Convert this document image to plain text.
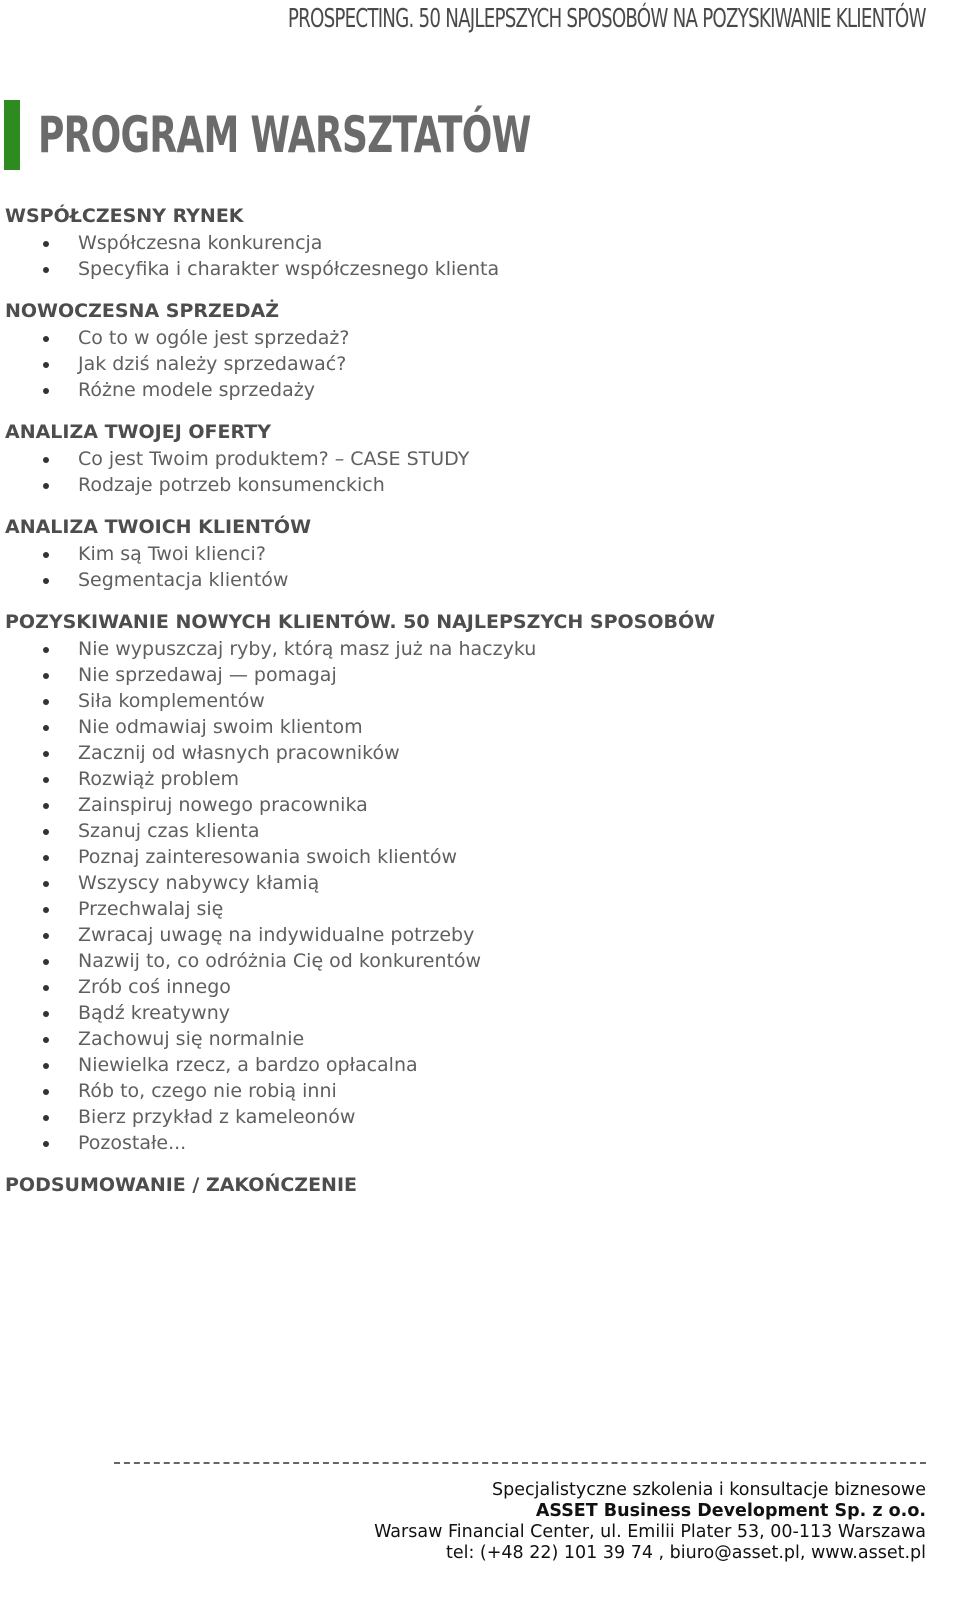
PROSPECTING. 50 NAJLEPSZYCH SPOSOBÓW NA POZYSKIWANIE KLIENTÓW
PROGRAM WARSZTATÓW
WSPÓŁCZESNY RYNEK
Współczesna konkurencja
Specyfika i charakter współczesnego klienta
NOWOCZESNA SPRZEDAŻ
Co to w ogóle jest sprzedaż?
Jak dziś należy sprzedawać?
Różne modele sprzedaży
ANALIZA TWOJEJ OFERTY
Co jest Twoim produktem? – CASE STUDY
Rodzaje potrzeb konsumenckich
ANALIZA TWOICH KLIENTÓW
Kim są Twoi klienci?
Segmentacja klientów
POZYSKIWANIE NOWYCH KLIENTÓW. 50 NAJLEPSZYCH SPOSOBÓW
Nie wypuszczaj ryby, którą masz już na haczyku
Nie sprzedawaj — pomagaj
Siła komplementów
Nie odmawiaj swoim klientom
Zacznij od własnych pracowników
Rozwiąż problem
Zainspiruj nowego pracownika
Szanuj czas klienta
Poznaj zainteresowania swoich klientów
Wszyscy nabywcy kłamią
Przechwalaj się
Zwracaj uwagę na indywidualne potrzeby
Nazwij to, co odróżnia Cię od konkurentów
Zrób coś innego
Bądź kreatywny
Zachowuj się normalnie
Niewielka rzecz, a bardzo opłacalna
Rób to, czego nie robią inni
Bierz przykład z kameleonów
Pozostałe...
PODSUMOWANIE / ZAKOŃCZENIE
Specjalistyczne szkolenia i konsultacje biznesowe
ASSET Business Development Sp. z o.o.
Warsaw Financial Center, ul. Emilii Plater 53, 00-113 Warszawa
tel: (+48 22) 101 39 74 , biuro@asset.pl, www.asset.pl
